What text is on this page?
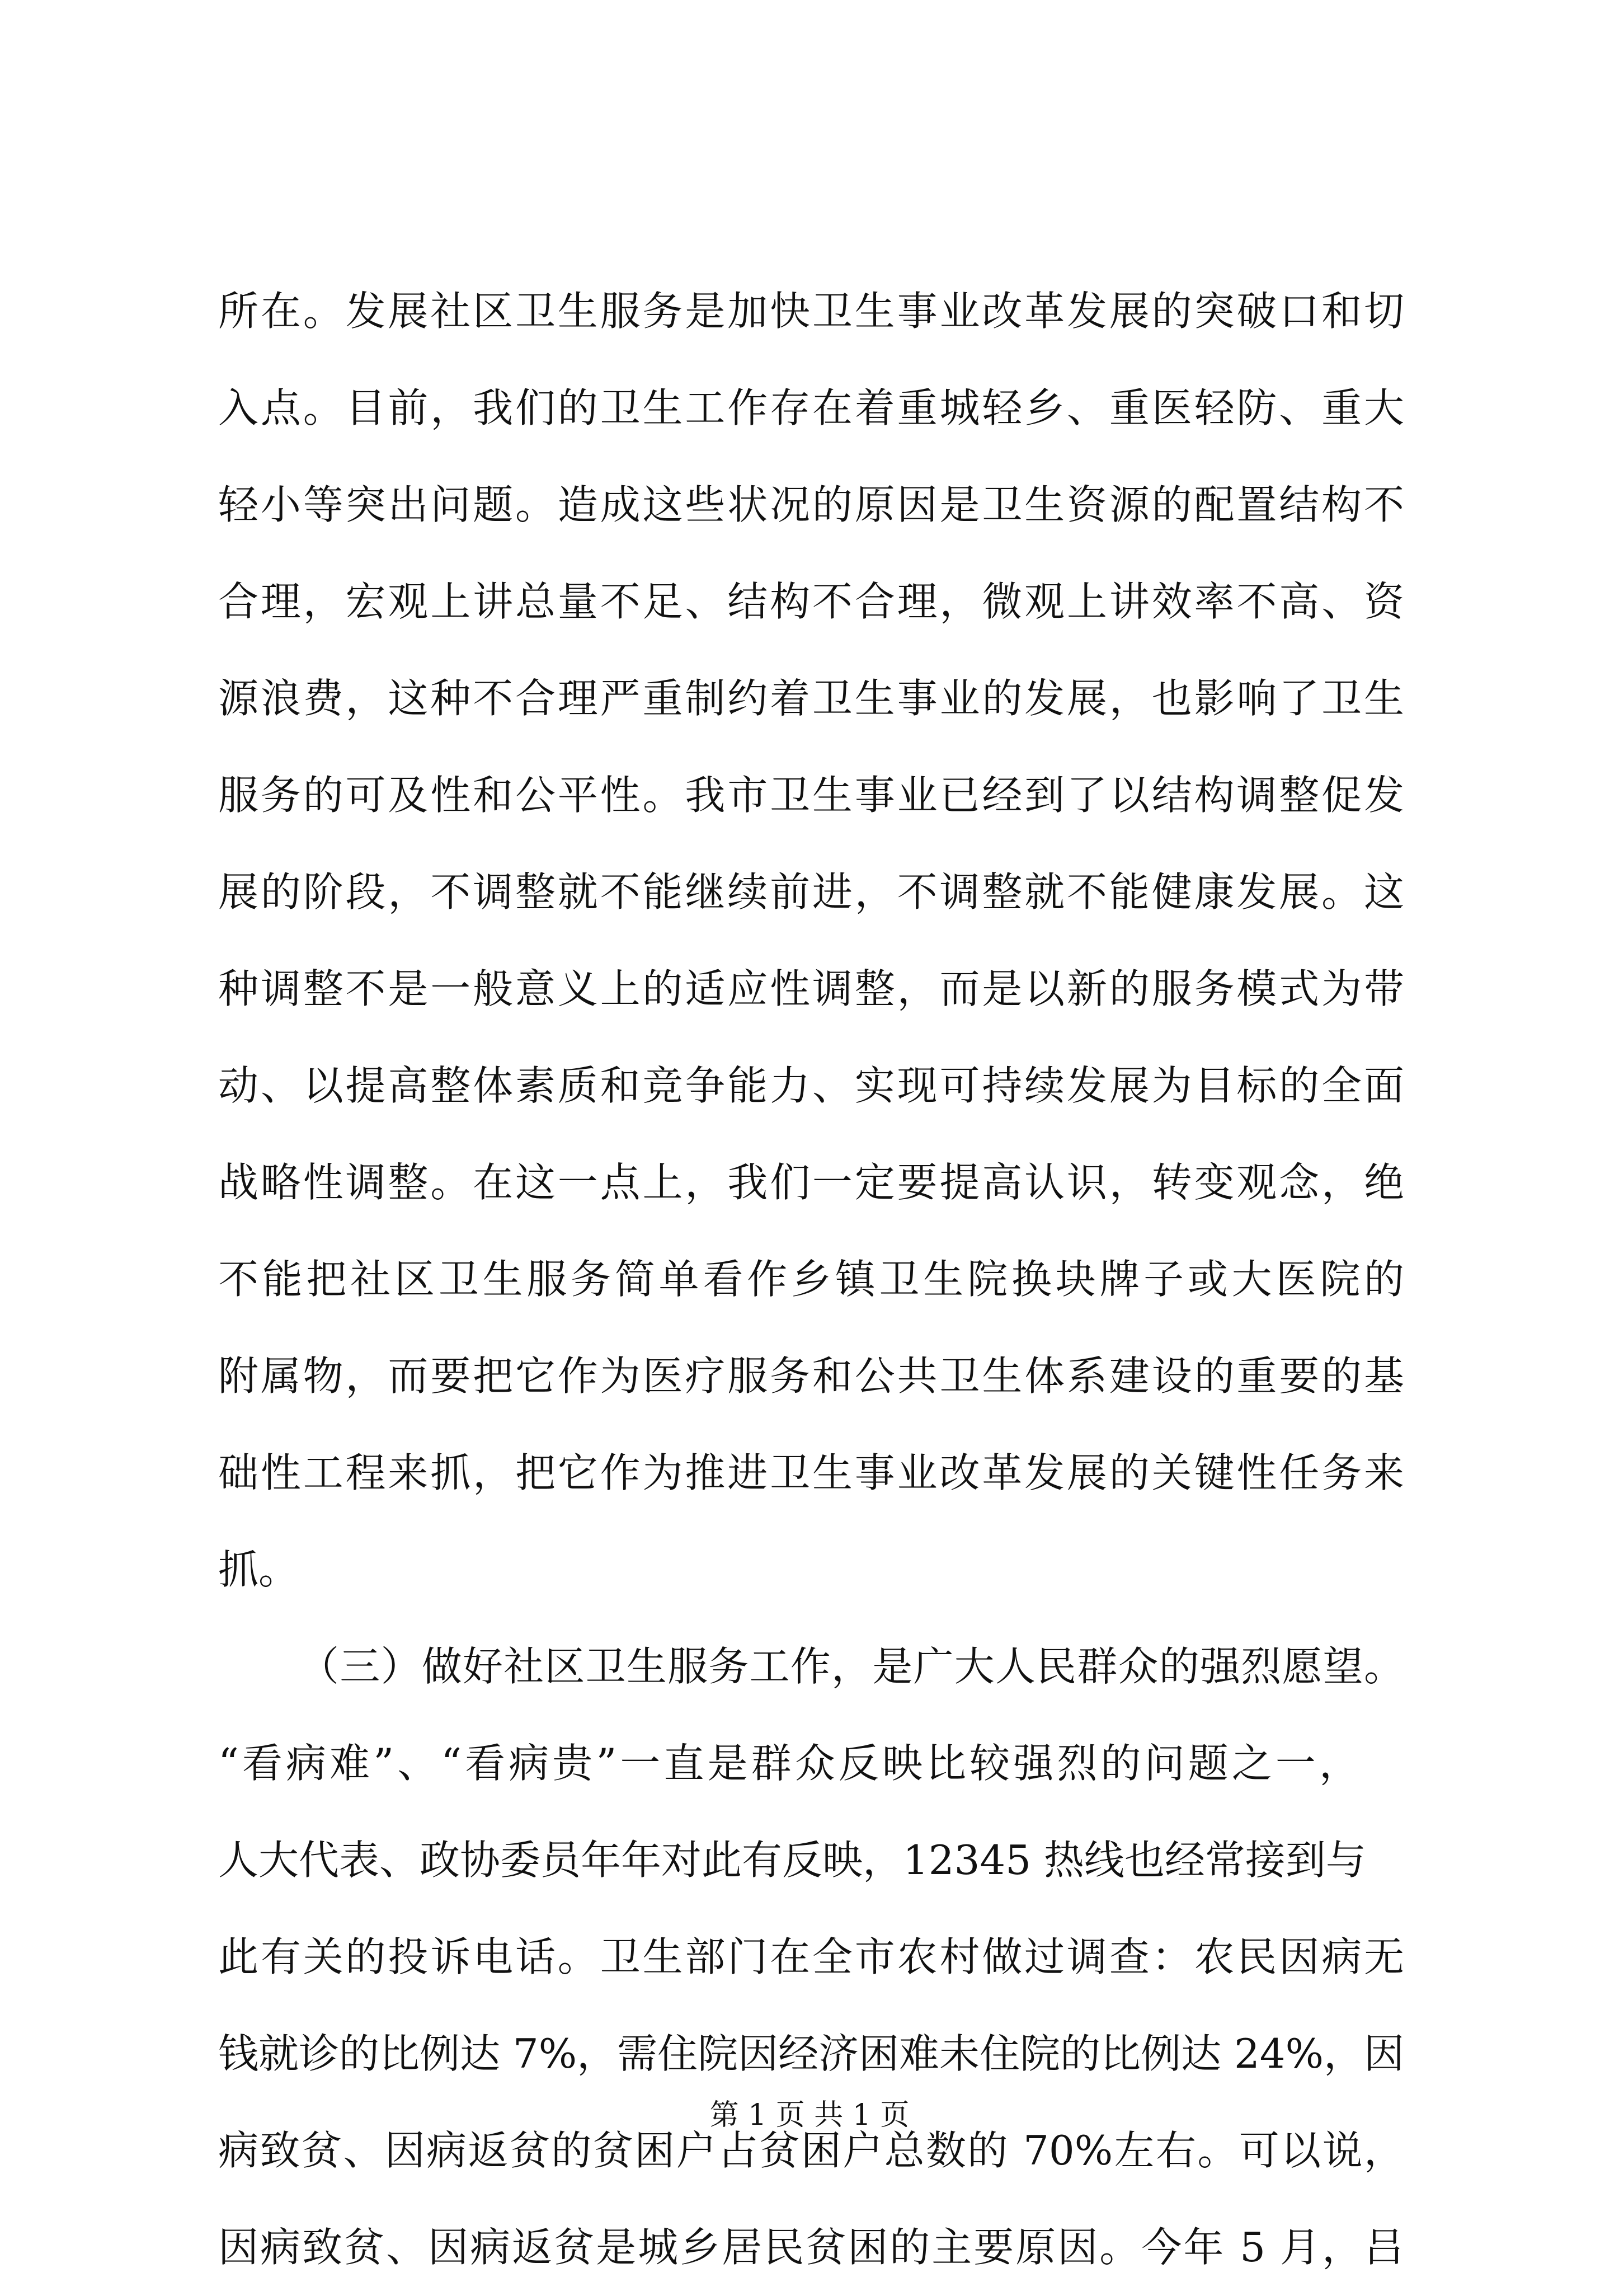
所在。发展社区卫生服务是加快卫生事业改革发展的突破口和切
入点。目前，我们的卫生工作存在着重城轻乡、重医轻防、重大
轻小等突出问题。造成这些状况的原因是卫生资源的配置结构不
合理，宏观上讲总量不足、结构不合理，微观上讲效率不高、资
源浪费，这种不合理严重制约着卫生事业的发展，也影响了卫生
服务的可及性和公平性。我市卫生事业已经到了以结构调整促发
展的阶段，不调整就不能继续前进，不调整就不能健康发展。这
种调整不是一般意义上的适应性调整，而是以新的服务模式为带
动、以提高整体素质和竞争能力、实现可持续发展为目标的全面
战略性调整。在这一点上，我们一定要提高认识，转变观念，绝
不能把社区卫生服务简单看作乡镇卫生院换块牌子或大医院的
附属物，而要把它作为医疗服务和公共卫生体系建设的重要的基
础性工程来抓，把它作为推进卫生事业改革发展的关键性任务来
抓。
（三）做好社区卫生服务工作，是广大人民群众的强烈愿望。
“看病难”、“看病贵”一直是群众反映比较强烈的问题之一，
人大代表、政协委员年年对此有反映，12345 热线也经常接到与
此有关的投诉电话。卫生部门在全市农村做过调查：农民因病无
钱就诊的比例达 7%，需住院因经济困难未住院的比例达 24%，因
病致贫、因病返贫的贫困户占贫困户总数的 70%左右。可以说，
因病致贫、因病返贫是城乡居民贫困的主要原因。今年 5 月，吕
第 1 页 共 1 页
